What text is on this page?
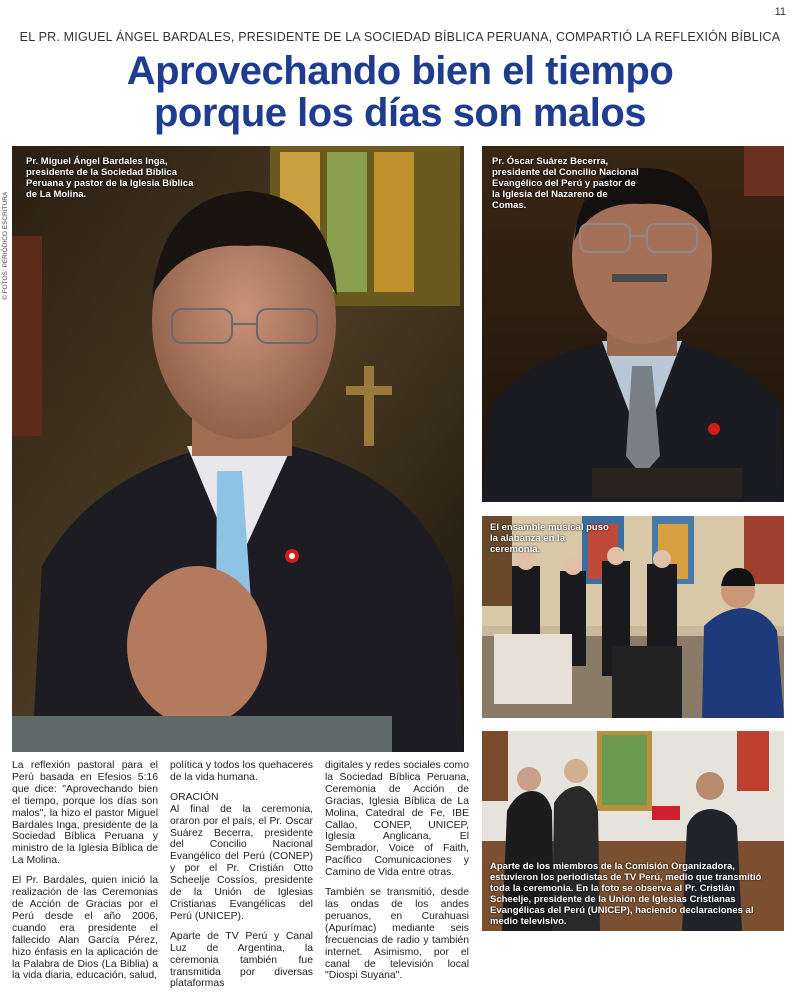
11
EL PR. MIGUEL ÁNGEL BARDALES, PRESIDENTE DE LA SOCIEDAD BÍBLICA PERUANA, COMPARTIÓ LA REFLEXIÓN BÍBLICA
Aprovechando bien el tiempo
porque los días son malos
© FOTOS: PERIÓDICO ESCRITURA
Pr. Miguel Ángel Bardales Inga, presidente de la Sociedad Bíblica Peruana y pastor de la Iglesia Bíblica de La Molina.
Pr. Óscar Suárez Becerra, presidente del Concilio Nacional Evangélico del Perú y pastor de la Iglesia del Nazareno de Comas.
El ensamble musical puso la alabanza en la ceremonia.
Aparte de los miembros de la Comisión Organizadora, estuvieron los periodistas de TV Perú, medio que transmitió toda la ceremonia. En la foto se observa al Pr. Cristián Scheelje, presidente de la Unión de Iglesias Cristianas Evangélicas del Perú (UNICEP), haciendo declaraciones al medio televisivo.

La reflexión pastoral para el Perú basada en Efesios 5:16 que dice: "Aprovechando bien el tiempo, porque los días son malos", la hizo el pastor Miguel Bardales Inga, presidente de la Sociedad Bíblica Peruana y ministro de la Iglesia Bíblica de La Molina.

El Pr. Bardales, quien inició la realización de las Ceremonias de Acción de Gracias por el Perú desde el año 2006, cuando era presidente el fallecido Alan García Pérez, hizo énfasis en la aplicación de la Palabra de Dios (La Biblia) a la vida diaria, educación, salud,

política y todos los quehaceres de la vida humana.

ORACIÓN
Al final de la ceremonia, oraron por el país, el Pr. Oscar Suárez Becerra, presidente del Concilio Nacional Evangélico del Perú (CONEP) y por el Pr. Cristián Otto Scheelje Cossíos, presidente de la Unión de Iglesias Cristianas Evangélicas del Perú (UNICEP).

Aparte de TV Perú y Canal Luz de Argentina, la ceremonia también fue transmitida por diversas plataformas

digitales y redes sociales como la Sociedad Bíblica Peruana, Ceremonia de Acción de Gracias, Iglesia Bíblica de La Molina, Catedral de Fe, IBE Callao, CONEP, UNICEP, Iglesia Anglicana, El Sembrador, Voice of Faith, Pacífico Comunicaciones y Camino de Vida entre otras.

También se transmitió, desde las ondas de los andes peruanos, en Curahuasi (Apurímac) mediante seis frecuencias de radio y también internet. Asimismo, por el canal de televisión local "Diospi Suyana".
